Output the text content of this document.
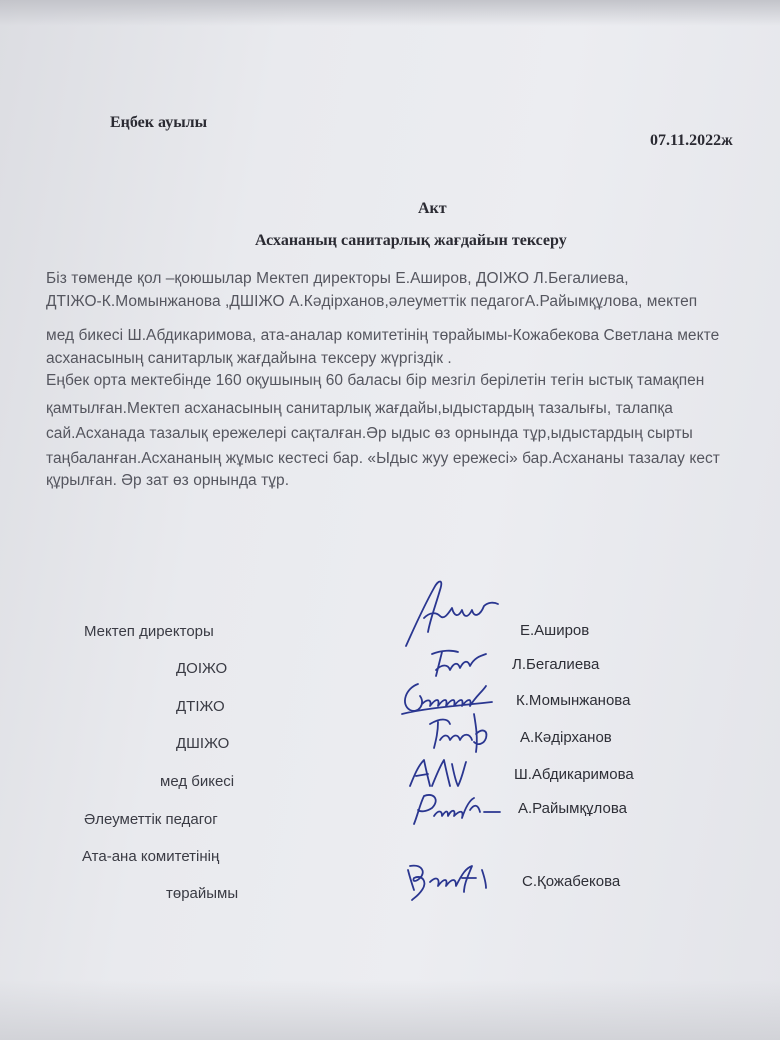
Еңбек ауылы
07.11.2022ж
Акт
Асхананың санитарлық жағдайын тексеру
Біз төменде қол –қоюшылар Мектеп директоры Е.Аширов, ДОІЖО Л.Бегалиева,
ДТІЖО-К.Момынжанова ,ДШІЖО А.Кәдірханов,әлеуметтік педагогА.Райымқұлова, мектеп
мед бикесі Ш.Абдикаримова, ата-аналар комитетінің төрайымы-Кожабекова Светлана мекте
асханасының санитарлық жағдайына тексеру жүргіздік .
Еңбек орта мектебінде 160 оқушының 60 баласы бір мезгіл берілетін тегін ыстық тамақпен
қамтылған.Мектеп асханасының санитарлық жағдайы,ыдыстардың тазалығы, талапқа
сай.Асханада тазалық ережелері сақталған.Әр ыдыс өз орнында тұр,ыдыстардың сырты
таңбаланған.Асхананың жұмыс кестесі бар. «Ыдыс жуу ережесі» бар.Асхананы тазалау кест
құрылған. Әр зат өз орнында тұр.
Мектеп директоры
ДОІЖО
ДТІЖО
ДШІЖО
мед бикесі
Әлеуметтік педагог
Ата-ана комитетінің
төрайымы
Е.Аширов
Л.Бегалиева
К.Момынжанова
А.Кәдірханов
Ш.Абдикаримова
А.Райымқұлова
С.Қожабекова
